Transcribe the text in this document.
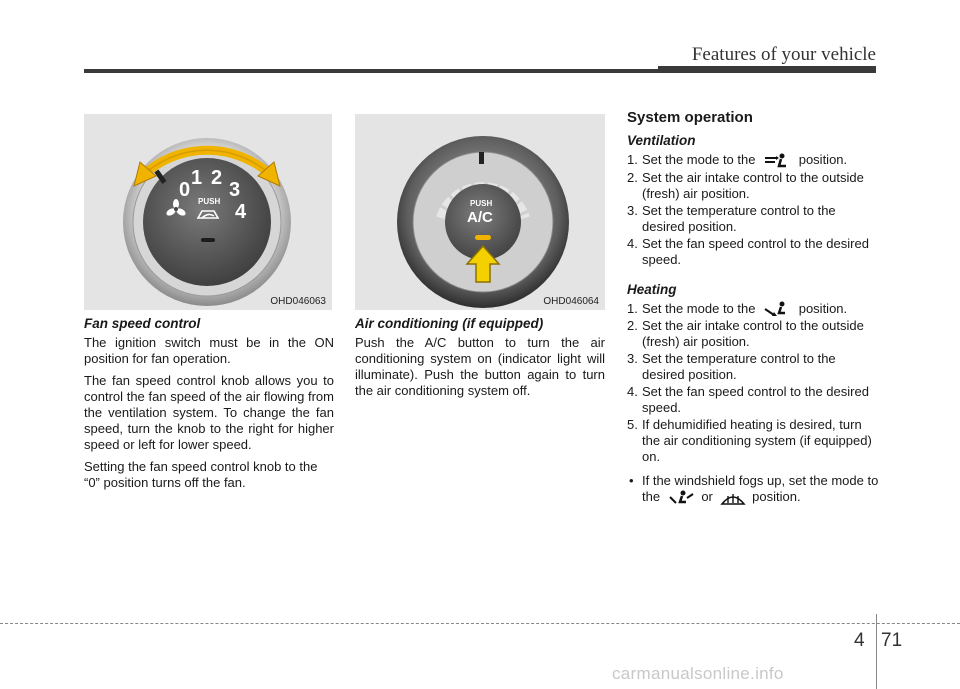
Features of your vehicle
0
1 2
3
4
PUSH
OHD046063
PUSH
A/C
OHD046064
Fan speed control

The ignition switch must be in the ON position for fan operation.

The fan speed control knob allows you to control the fan speed of the air flowing from the ventilation system. To change the fan speed, turn the knob to the right for higher speed or left for lower speed.

Setting the fan speed control knob to the “0” position turns off the fan.

Air conditioning (if equipped)

Push the A/C button to turn the air conditioning system on (indicator light will illuminate). Push the button again to turn the air conditioning system off.

System operation
Ventilation
1. Set the mode to the	position.
2. Set the air intake control to the outside (fresh) air position.
3. Set the temperature control to the desired position.
4. Set the fan speed control to the desired speed.
Heating
1. Set the mode to the	position.
2. Set the air intake control to the outside (fresh) air position.
3. Set the temperature control to the desired position.
4. Set the fan speed control to the desired speed.
5. If dehumidified heating is desired, turn the air conditioning system (if equipped) on.
• If the windshield fogs up, set the mode to the	or	position.
4 71
carmanualsonline.info
